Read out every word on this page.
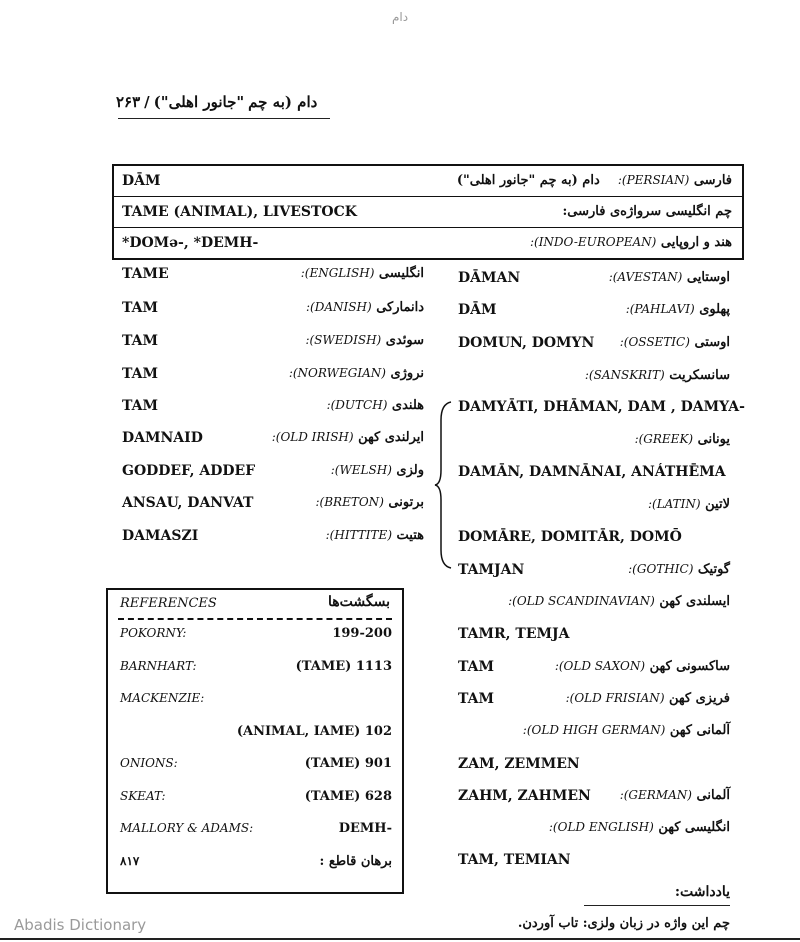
دام
دام (به چم
"جانور اهلی")
/
۲۶۳
DĀM	فارسی (PERSIAN):    دام (به چم "جانور اهلی")
TAME (ANIMAL), LIVESTOCK	چم انگلیسی سرواژه‌ی فارسی:
*DOMə-, *DEMH-	هند و اروپایی (INDO-EUROPEAN):
انگلیسی (ENGLISH):
TAME
دانمارکی (DANISH):
TAM
سوئدی (SWEDISH):
TAM
نروژی (NORWEGIAN):
TAM
هلندی (DUTCH):
TAM
ایرلندی کهن (OLD IRISH):
DAMNAID
ولزی (WELSH):
GODDEF, ADDEF
برتونی (BRETON):
ANSAU, DANVAT
هتیت (HITTITE):
DAMASZI
اوستایی (AVESTAN):
DĀMAN
پهلوی (PAHLAVI):
DĀM
اوستی (OSSETIC):
DOMUN, DOMYN
سانسکریت (SANSKRIT):
DAMYĀTI, DHĀMAN, DAM , DAMYA-
یونانی (GREEK):
DAMĀN, DAMNĀNAI, ANÁTHĒMA
لاتین (LATIN):
DOMĀRE, DOMITĀR, DOMŌ
گوتیک (GOTHIC):
TAMJAN
ایسلندی کهن (OLD SCANDINAVIAN):
TAMR, TEMJA
ساکسونی کهن (OLD SAXON):
TAM
فریزی کهن (OLD FRISIAN):
TAM
آلمانی کهن (OLD HIGH GERMAN):
ZAM, ZEMMEN
آلمانی (GERMAN):
ZAHM, ZAHMEN
انگلیسی کهن (OLD ENGLISH):
TAM, TEMIAN
REFERENCES	بسگشت‌ها
POKORNY:	199-200
BARNHART:	(TAME) 1113
MACKENZIE:
(ANIMAL, IAME) 102
ONIONS:	(TAME) 901
SKEAT:	(TAME) 628
MALLORY & ADAMS:	DEMH-
۸۱۷	برهان قاطع :
یادداشت:
چم این واژه در زبان ولزی: تاب آوردن.
Abadis Dictionary
